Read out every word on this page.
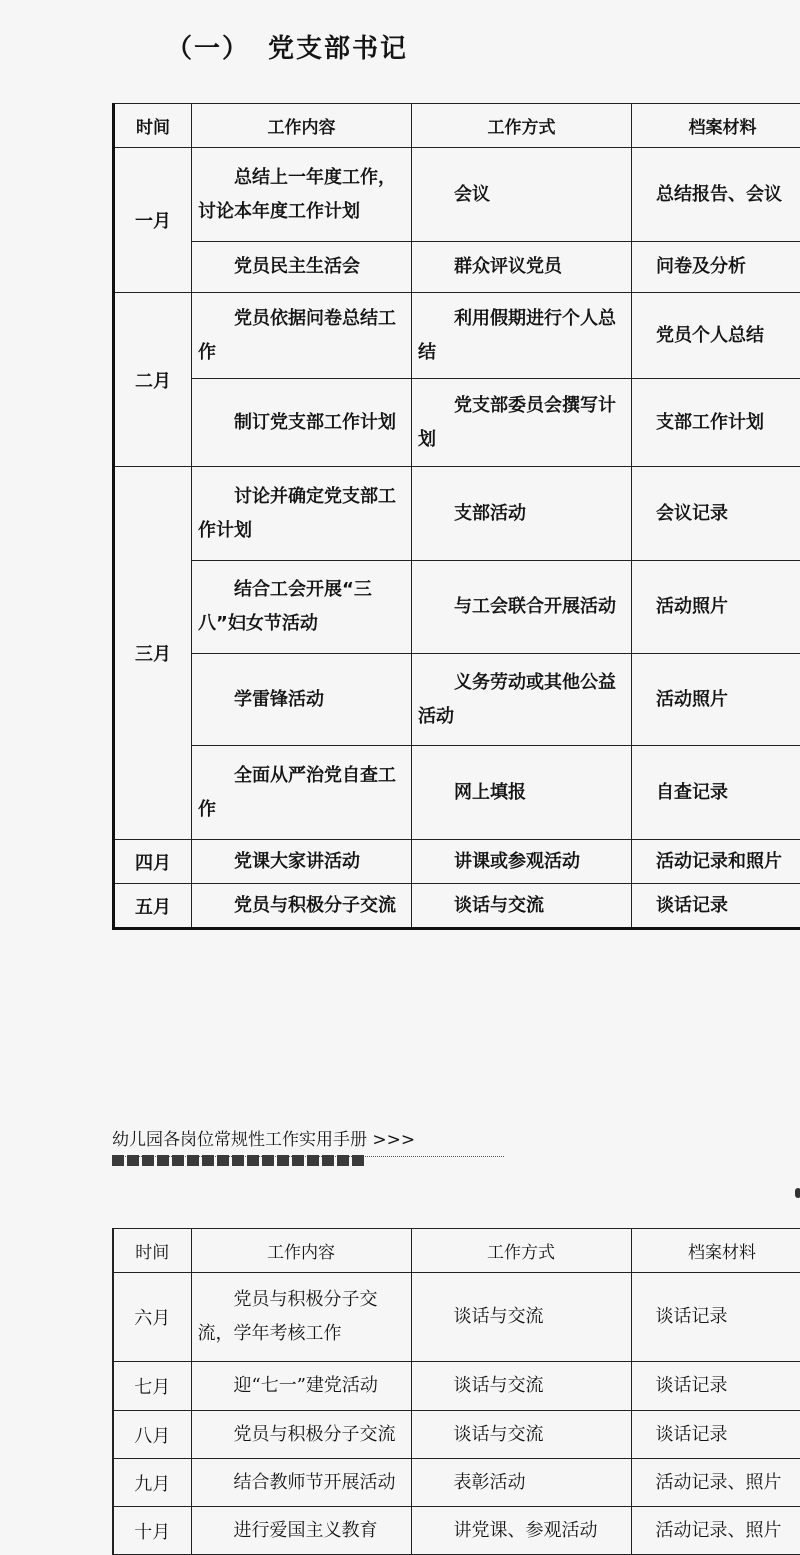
（一） 党支部书记
时间	工作内容	工作方式	档案材料
一月	总结上一年度工作，讨论本年度工作计划	会议	总结报告、会议
	党员民主生活会	群众评议党员	问卷及分析
二月	党员依据问卷总结工作	利用假期进行个人总结	党员个人总结
	制订党支部工作计划	党支部委员会撰写计划	支部工作计划
三月	讨论并确定党支部工作计划	支部活动	会议记录
	结合工会开展“三八”妇女节活动	与工会联合开展活动	活动照片
	学雷锋活动	义务劳动或其他公益活动	活动照片
	全面从严治党自查工作	网上填报	自查记录
四月	党课大家讲活动	讲课或参观活动	活动记录和照片
五月	党员与积极分子交流	谈话与交流	谈话记录
幼儿园各岗位常规性工作实用手册 >>>
时间	工作内容	工作方式	档案材料
六月	党员与积极分子交流，学年考核工作	谈话与交流	谈话记录
七月	迎“七一”建党活动	谈话与交流	谈话记录
八月	党员与积极分子交流	谈话与交流	谈话记录
九月	结合教师节开展活动	表彰活动	活动记录、照片
十月	进行爱国主义教育	讲党课、参观活动	活动记录、照片
